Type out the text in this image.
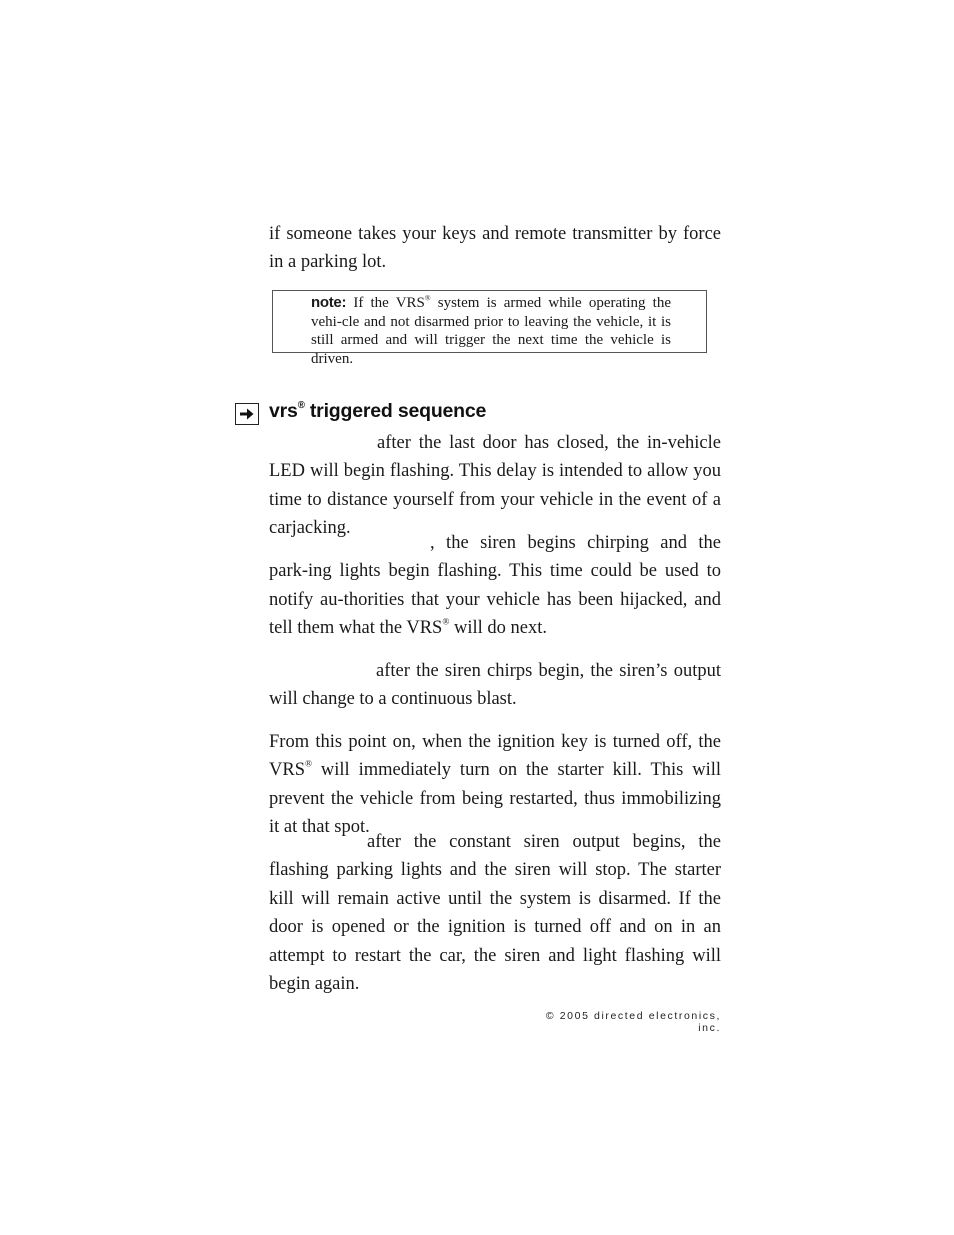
if someone takes your keys and remote transmitter by force in a parking lot.

note: If the VRS® system is armed while operating the vehi-cle and not disarmed prior to leaving the vehicle, it is still armed and will trigger the next time the vehicle is driven.
vrs® triggered sequence

after the last door has closed, the in-vehicle LED will begin flashing. This delay is intended to allow you time to distance yourself from your vehicle in the event of a carjacking.

, the siren begins chirping and the park-ing lights begin flashing. This time could be used to notify au-thorities that your vehicle has been hijacked, and tell them what the VRS® will do next.

after the siren chirps begin, the siren’s output will change to a continuous blast.

From this point on, when the ignition key is turned off, the VRS® will immediately turn on the starter kill. This will prevent the vehicle from being restarted, thus immobilizing it at that spot.

after the constant siren output begins, the flashing parking lights and the siren will stop. The starter kill will remain active until the system is disarmed. If the door is opened or the ignition is turned off and on in an attempt to restart the car, the siren and light flashing will begin again.

© 2005 directed electronics, inc.
